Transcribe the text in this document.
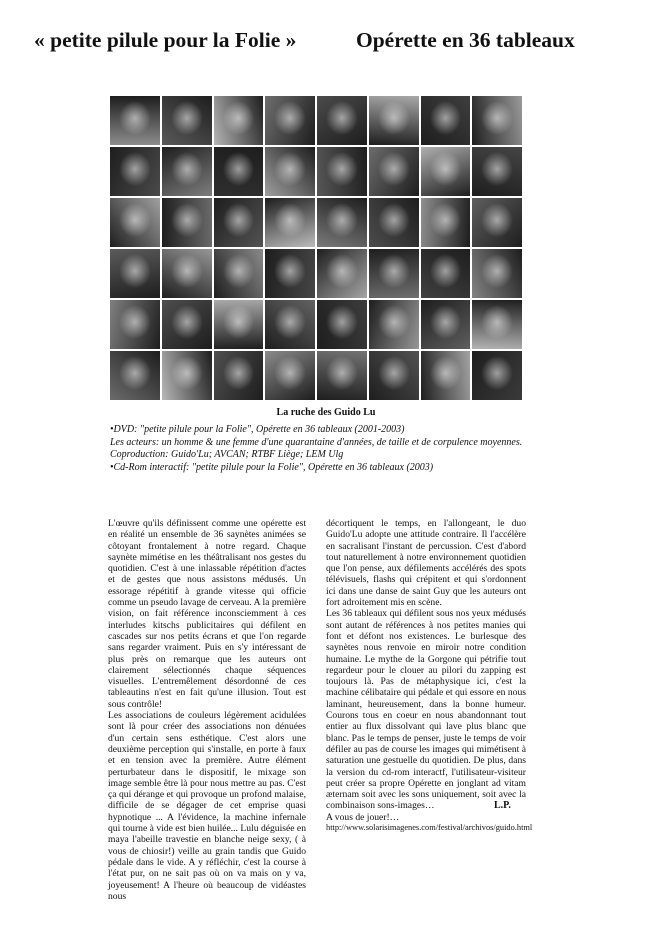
« petite pilule pour la Folie »	Opérette en 36 tableaux
La ruche des Guido Lu
•DVD: "petite pilule pour la Folie", Opérette en 36 tableaux (2001-2003)
Les acteurs: un homme & une femme d'une quarantaine d'années, de taille et de corpulence moyennes. Coproduction: Guido'Lu; AVCAN; RTBF Liège; LEM Ulg
•Cd-Rom interactif: "petite pilule pour la Folie", Opérette en 36 tableaux (2003)

L'œuvre qu'ils définissent comme une opérette est en réalité un ensemble de 36 saynètes animées se côtoyant frontalement à notre regard. Chaque saynète mimétise en les théâtralisant nos gestes du quotidien. C'est à une inlassable répétition d'actes et de gestes que nous assistons médusés. Un essorage répétitif à grande vitesse qui officie comme un pseudo lavage de cerveau. A la première vision, on fait référence inconsciemment à ces interludes kitschs publicitaires qui défilent en cascades sur nos petits écrans et que l'on regarde sans regarder vraiment. Puis en s'y intéressant de plus près on remarque que les auteurs ont clairement sélectionnés chaque séquences visuelles. L'entremêlement désordonné de ces tableautins n'est en fait qu'une illusion. Tout est sous contrôle!

Les associations de couleurs légèrement acidulées sont là pour créer des associations non dénuées d'un certain sens esthétique. C'est alors une deuxième perception qui s'installe, en porte à faux et en tension avec la première. Autre élément perturbateur dans le dispositif, le mixage son image semble être là pour nous mettre au pas. C'est ça qui dérange et qui provoque un profond malaise, difficile de se dégager de cet emprise quasi hypnotique ... A l'évidence, la machine infernale qui tourne à vide est bien huilée... Lulu déguisée en maya l'abeille travestie en blanche neige sexy, ( à vous de chiosir!) veille au grain tandis que Guido pédale dans le vide. A y réfléchir, c'est la course à l'état pur, on ne sait pas où on va mais on y va, joyeusement! A l'heure où beaucoup de vidéastes nous

décortiquent le temps, en l'allongeant, le duo Guido'Lu adopte une attitude contraire. Il l'accélère en sacralisant l'instant de percussion. C'est d'abord tout naturellement à notre environnement quotidien que l'on pense, aux défilements accélérés des spots télévisuels, flashs qui crépitent et qui s'ordonnent ici dans une danse de saint Guy que les auteurs ont fort adroitement mis en scène.

Les 36 tableaux qui défilent sous nos yeux médusés sont autant de références à nos petites manies qui font et défont nos existences. Le burlesque des saynètes nous renvoie en miroir notre condition humaine. Le mythe de la Gorgone qui pétrifie tout regardeur pour le clouer au pilori du zapping est toujours là. Pas de métaphysique ici, c'est la machine célibataire qui pédale et qui essore en nous laminant, heureusement, dans la bonne humeur. Courons tous en coeur en nous abandonnant tout entier au flux dissolvant qui lave plus blanc que blanc. Pas le temps de penser, juste le temps de voir défiler au pas de course les images qui mimétisent à saturation une gestuelle du quotidien. De plus, dans la version du cd-rom interactf, l'utilisateur-visiteur peut créer sa propre Opérette en jonglant ad vitam æternam soit avec les sons uniquement, soit avec la combinaison sons-images…

A vous de jouer!…

L.P.
http://www.solarisimagenes.com/festival/archivos/guido.html
